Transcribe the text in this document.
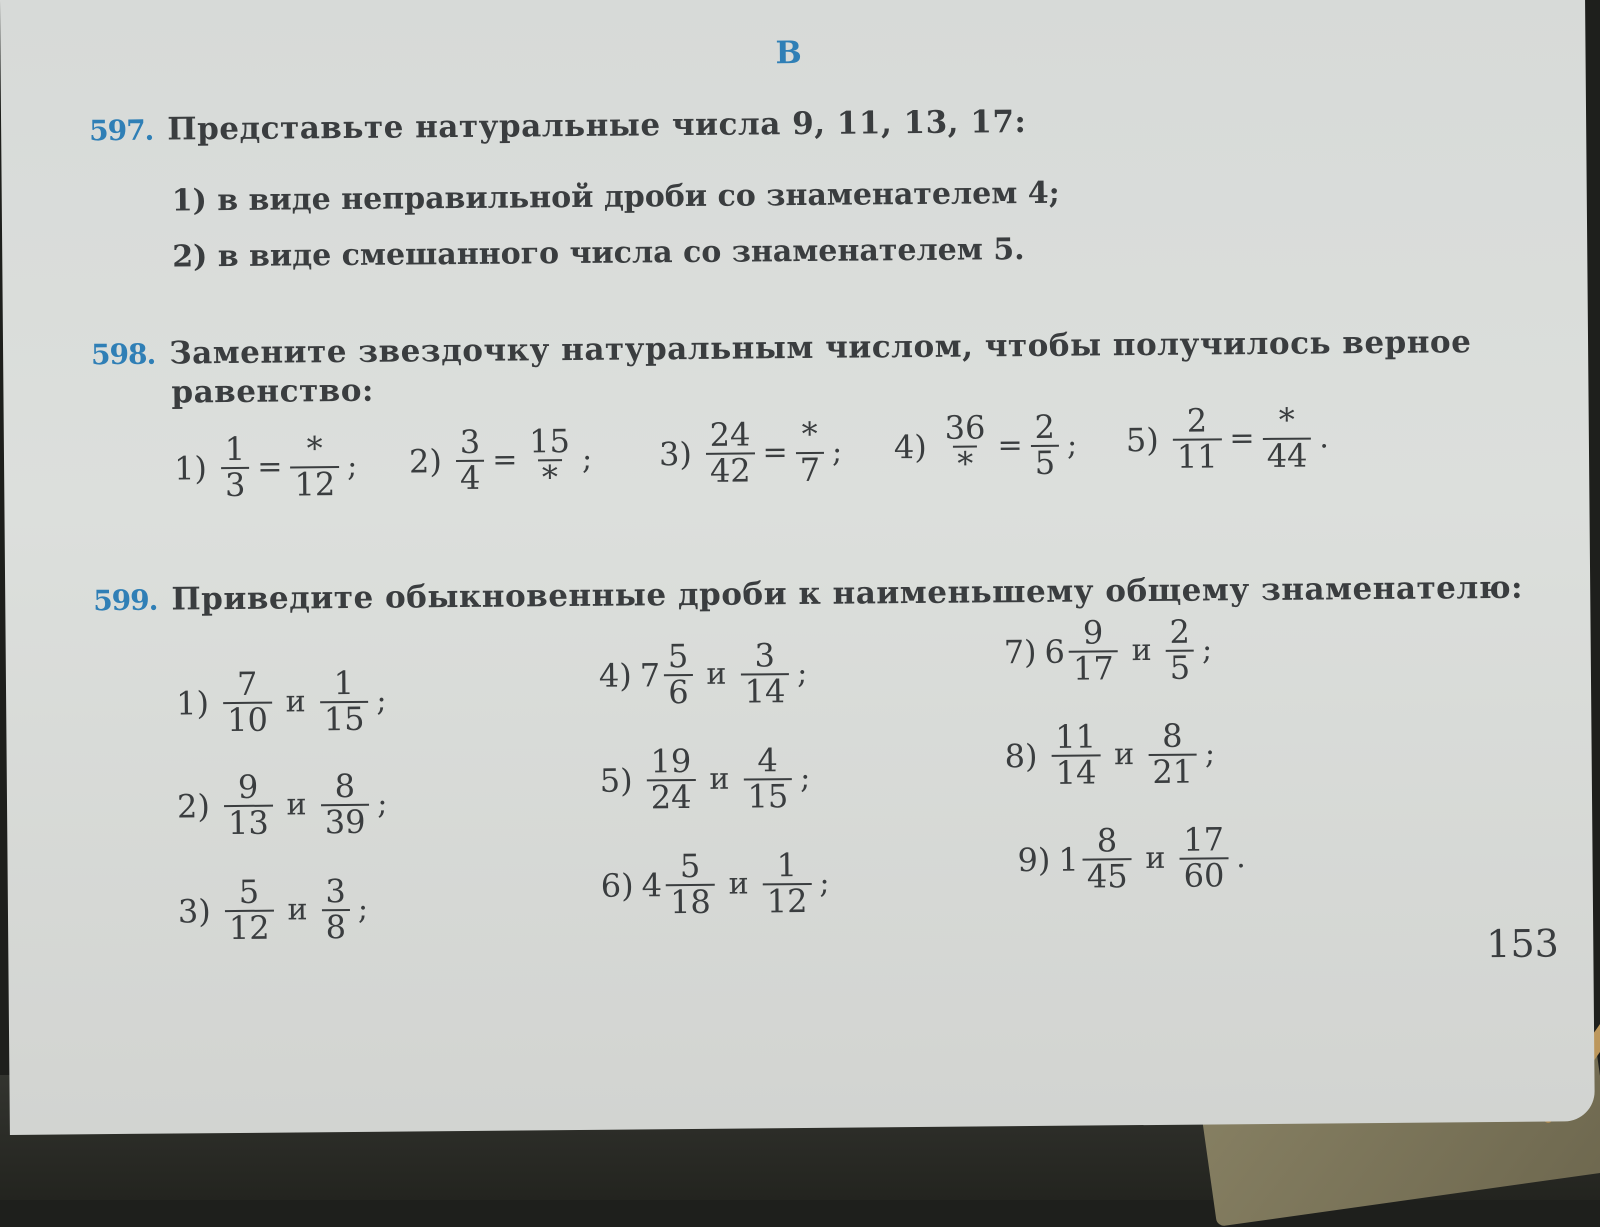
В
597. Представьте натуральные числа 9, 11, 13, 17:
1) в виде неправильной дроби со знаменателем 4;
2) в виде смешанного числа со знаменателем 5.
598. Замените звездочку натуральным числом, чтобы получилось верное
равенство:
$1) \frac{1}{3} = \frac{*}{12}$ ; $2) \frac{3}{4} = \frac{15}{*}$ ; $3) \frac{24}{42} = \frac{*}{7}$ ; $4) \frac{36}{*} = \frac{2}{5}$ ; $5) \frac{2}{11} = \frac{*}{44}$ .
599. Приведите обыкновенные дроби к наименьшему общему знаменателю:
$1) \frac{7}{10}$ и $\frac{1}{15}$ ;
$2) \frac{9}{13}$ и $\frac{8}{39}$ ;
$3) \frac{5}{12}$ и $\frac{3}{8}$ ;
4) $7 \frac{5}{6}$ и $\frac{3}{14}$ ;
$5) \frac{19}{24}$ и $\frac{4}{15}$ ;
6) $4 \frac{5}{18}$ и $\frac{1}{12}$ ;
7) $6 \frac{9}{17}$ и $\frac{2}{5}$ ;
$8) \frac{11}{14}$ и $\frac{8}{21}$ ;
9) $1 \frac{8}{45}$ и $\frac{17}{60}$ .
153
